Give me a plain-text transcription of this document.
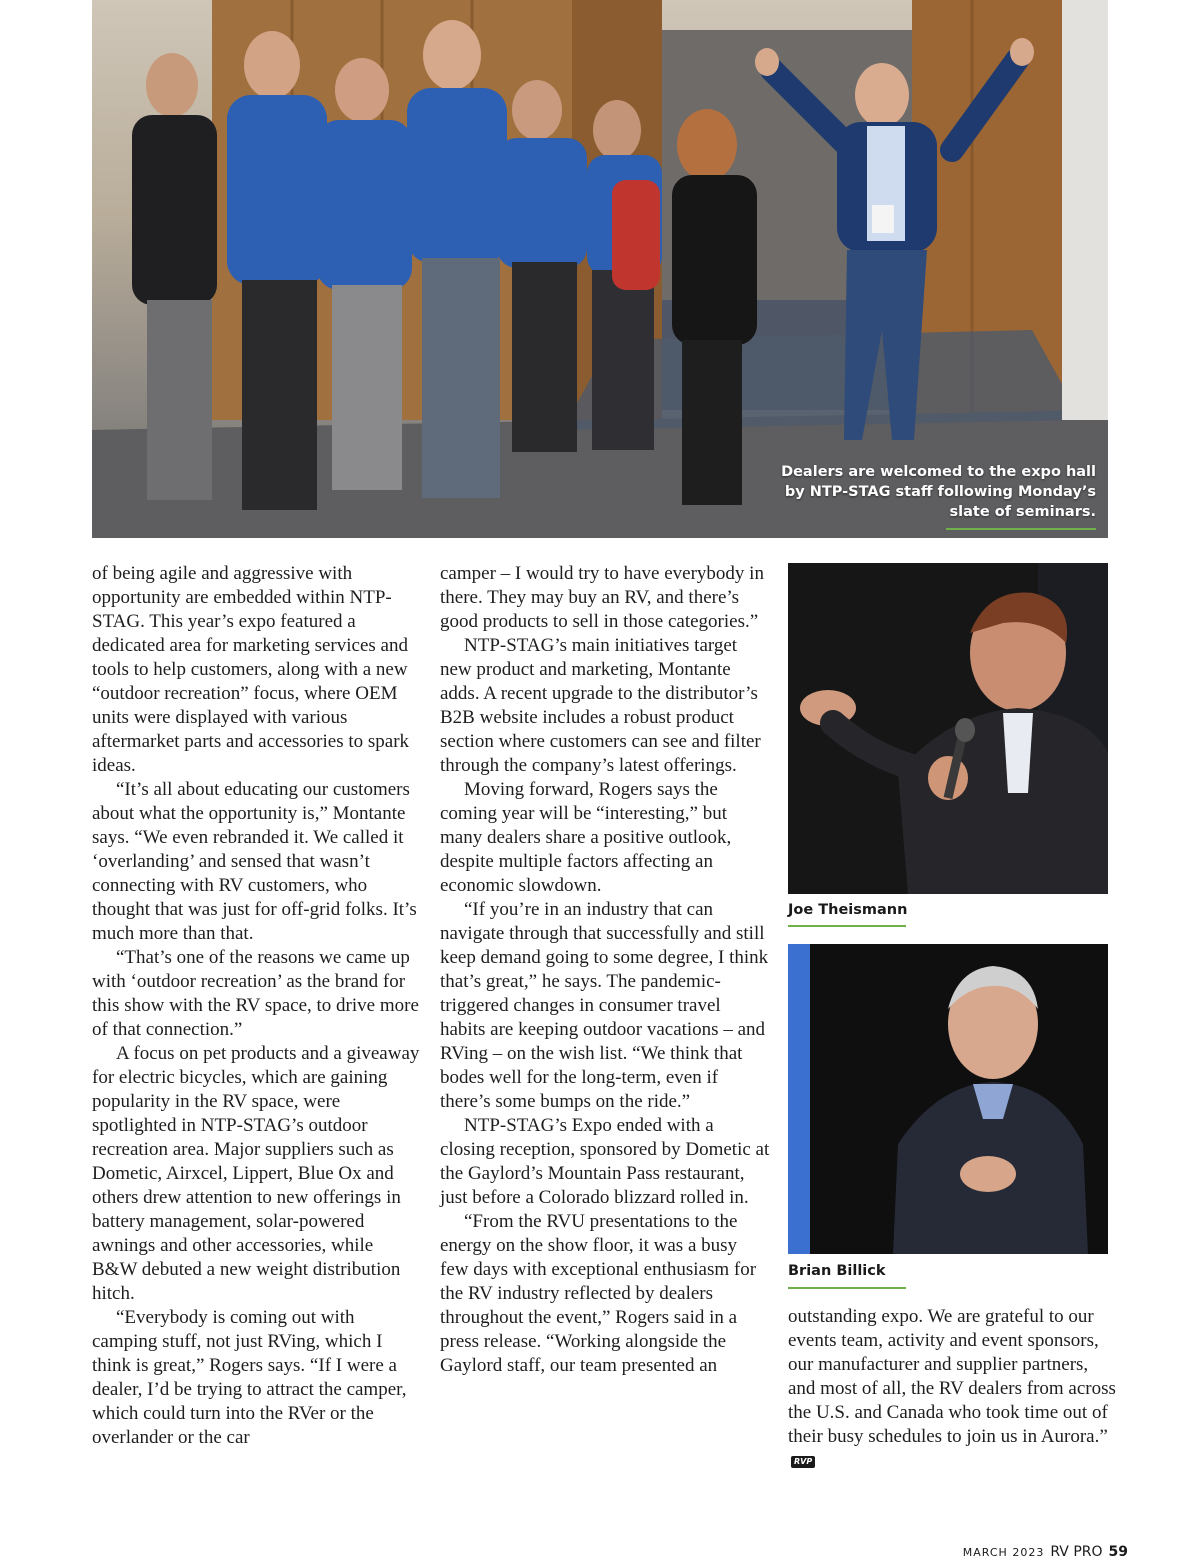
Dealers are welcomed to the expo hall by NTP-STAG staff following Monday’s slate of seminars.

of being agile and aggressive with opportunity are embedded within NTP-STAG. This year’s expo featured a dedicated area for marketing services and tools to help customers, along with a new “outdoor recreation” focus, where OEM units were displayed with various aftermarket parts and accessories to spark ideas.

“It’s all about educating our customers about what the opportunity is,” Montante says. “We even rebranded it. We called it ‘overlanding’ and sensed that wasn’t connecting with RV customers, who thought that was just for off-grid folks. It’s much more than that.

“That’s one of the reasons we came up with ‘outdoor recreation’ as the brand for this show with the RV space, to drive more of that connection.”

A focus on pet products and a giveaway for electric bicycles, which are gaining popularity in the RV space, were spotlighted in NTP-STAG’s outdoor recreation area. Major suppliers such as Dometic, Airxcel, Lippert, Blue Ox and others drew attention to new offerings in battery management, solar-powered awnings and other accessories, while B&W debuted a new weight distribution hitch.

“Everybody is coming out with camping stuff, not just RVing, which I think is great,” Rogers says. “If I were a dealer, I’d be trying to attract the camper, which could turn into the RVer or the overlander or the car

camper – I would try to have everybody in there. They may buy an RV, and there’s good products to sell in those categories.”

NTP-STAG’s main initiatives target new product and marketing, Montante adds. A recent upgrade to the distributor’s B2B website includes a robust product section where customers can see and filter through the company’s latest offerings.

Moving forward, Rogers says the coming year will be “interesting,” but many dealers share a positive outlook, despite multiple factors affecting an economic slowdown.

“If you’re in an industry that can navigate through that successfully and still keep demand going to some degree, I think that’s great,” he says. The pandemic-triggered changes in consumer travel habits are keeping outdoor vacations – and RVing – on the wish list. “We think that bodes well for the long-term, even if there’s some bumps on the ride.”

NTP-STAG’s Expo ended with a closing reception, sponsored by Dometic at the Gaylord’s Mountain Pass restaurant, just before a Colorado blizzard rolled in.

“From the RVU presentations to the energy on the show floor, it was a busy few days with exceptional enthusiasm for the RV industry reflected by dealers throughout the event,” Rogers said in a press release. “Working alongside the Gaylord staff, our team presented an

Joe Theismann
Brian Billick

outstanding expo. We are grateful to our events team, activity and event sponsors, our manufacturer and supplier partners, and most of all, the RV dealers from across the U.S. and Canada who took time out of their busy schedules to join us in Aurora.”RVP

MARCH 2023 RV PRO 59
